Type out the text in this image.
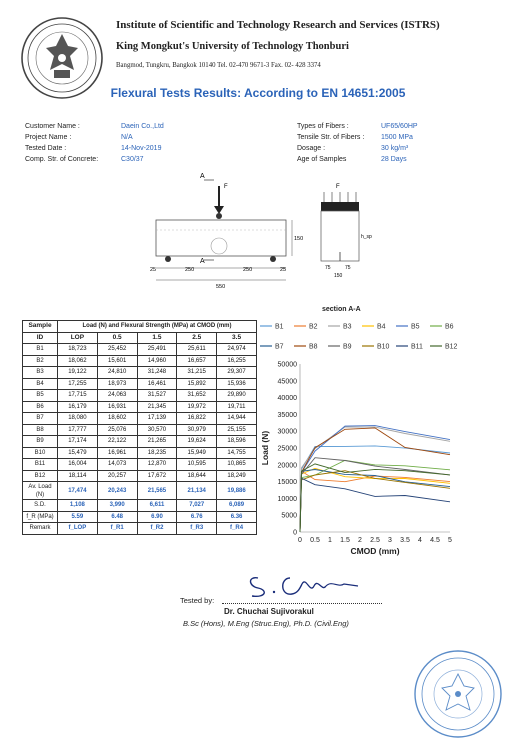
Institute of Scientific and Technology Research and Services (ISTRS)
King Mongkut's University of Technology Thonburi
Bangmod, Tungkru, Bangkok 10140 Tel. 02-470 9671-3 Fax. 02- 428 3374
Flexural Tests Results: According to EN 14651:2005
Customer Name :	Daein Co.,Ltd
Project Name :	N/A
Tested Date :	14-Nov-2019
Comp. Str. of Concrete:	C30/37
Types of Fibers :	UF65/60HP
Tensile Str. of Fibers : 1500 MPa
Dosage :	30 kg/m³
Age of Samples	28 Days
A
F
A
25	250	250	25
550
150
F
h_sp
75	75
150
section A-A
Sample	Load (N) and Flexural Strength (MPa) at CMOD (mm)				
ID	LOP	0.5	1.5	2.5	3.5
B1	18,723	25,452	25,491	25,611	24,974
B2	18,062	15,601	14,960	16,657	16,255
B3	19,122	24,810	31,248	31,215	29,307
B4	17,255	18,973	16,461	15,892	15,936
B5	17,715	24,063	31,527	31,652	29,890
B6	16,179	16,931	21,345	19,972	19,711
B7	18,080	18,602	17,139	16,822	14,944
B8	17,777	25,076	30,570	30,979	25,155
B9	17,174	22,122	21,265	19,624	18,596
B10	15,479	16,961	18,235	15,949	14,755
B11	16,004	14,073	12,870	10,595	10,865
B12	18,114	20,257	17,672	18,644	18,249
Av. Load
(N)	17,474	20,243	21,565	21,134	19,886
S.D.	1,108	3,990	6,611	7,027	6,089
f_R (MPa)	5.59	6.48	6.90	6.76	6.36
Remark	f_LOP	f_R1	f_R2	f_R3	f_R4
B1	B2	B3	B4	B5	B6
B7	B8	B9	B10	B11	B12
0
5000
10000
15000
20000
25000
30000
35000
40000
45000
50000
0 0.5 1 1.5 2 2.5 3 3.5 4 4.5 5
CMOD (mm)
Load (N)
Tested by:
Dr. Chuchai Sujivorakul
B.Sc (Hons), M.Eng (Struc.Eng), Ph.D. (Civil.Eng)
